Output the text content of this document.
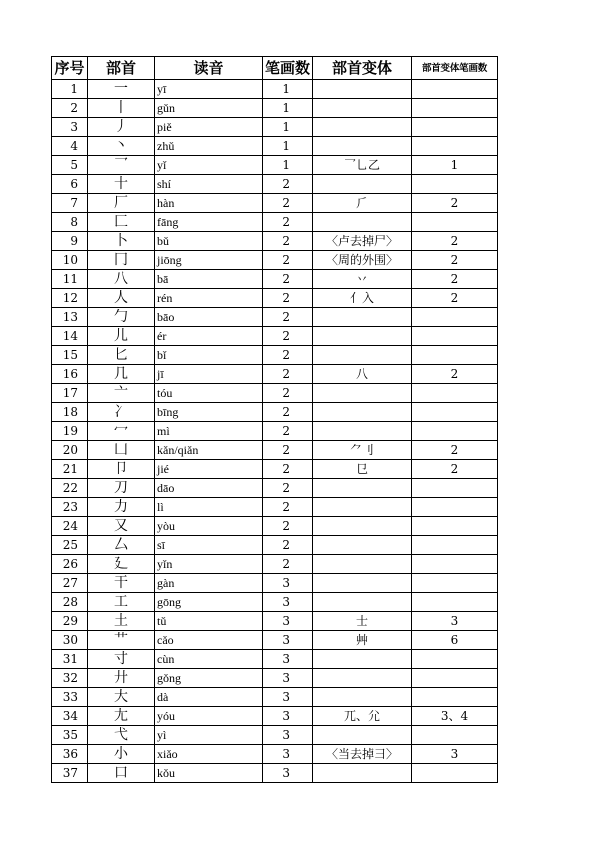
序号	部首	读音	笔画数	部首变体	部首变体笔画数
1	一	yī	1		
2	丨	gǔn	1		
3	丿	piě	1		
4	丶	zhǔ	1		
5	乛	yǐ	1	乛乚乙	1
6	十	shí	2		
7	厂	hàn	2	⺁	2
8	匚	fāng	2		
9	卜	bǔ	2	〈卢去掉尸〉	2
10	冂	jiōng	2	〈周的外围〉	2
11	八	bā	2	丷	2
12	人	rén	2	亻入	2
13	勹	bāo	2		
14	儿	ér	2		
15	匕	bǐ	2		
16	几	jī	2	八	2
17	亠	tóu	2		
18	冫	bīng	2		
19	冖	mì	2		
20	凵	kǎn/qiǎn	2	⺈刂	2
21	卩	jié	2	㔾	2
22	刀	dāo	2		
23	力	lì	2		
24	又	yòu	2		
25	厶	sī	2		
26	廴	yǐn	2		
27	干	gàn	3		
28	工	gōng	3		
29	土	tǔ	3	士	3
30	艹	cǎo	3	艸	6
31	寸	cùn	3		
32	廾	gǒng	3		
33	大	dà	3		
34	尢	yóu	3	兀、尣	3、4
35	弋	yì	3		
36	小	xiǎo	3	〈当去掉彐〉	3
37	口	kǒu	3		
